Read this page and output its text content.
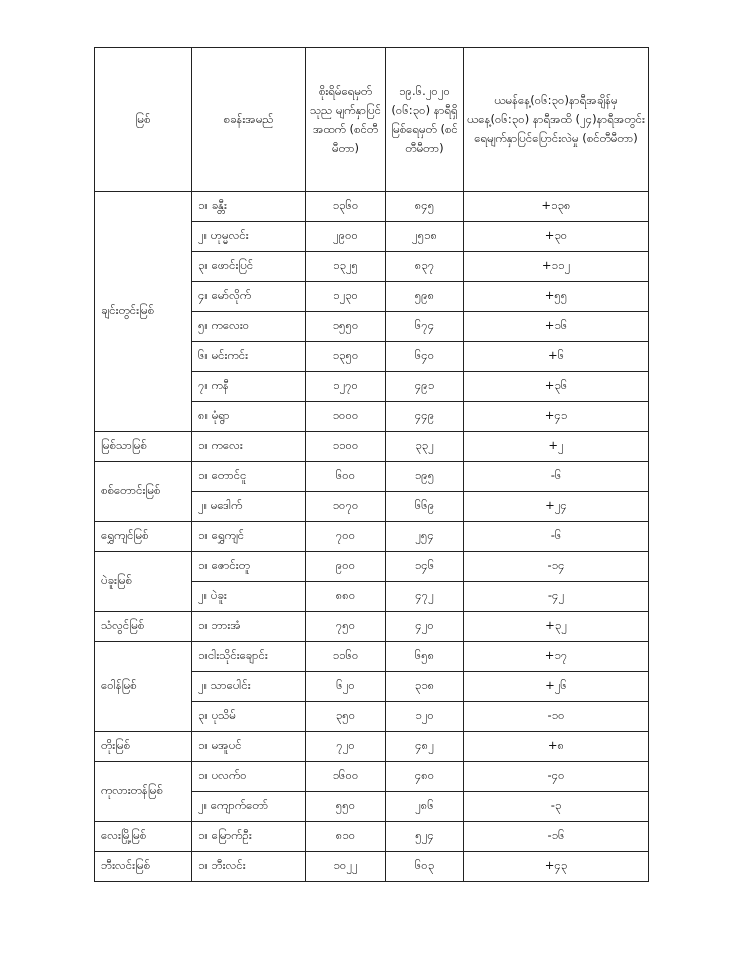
မြစ်	စခန်းအမည်	စိုးရိမ်ရေမှတ် သုည မျက်နှာပြင် အထက် (စင်တီမီတာ)	၁၉.၆.၂၀၂၀ (၀၆:၃၀) နာရီရှိ မြစ်ရေမှတ် (စင်တီမီတာ)	ယမန်နေ့(၀၆:၃၀)နာရီအချိန်မှ ယနေ့(၀၆:၃၀) နာရီအထိ (၂၄)နာရီအတွင်း ရေမျက်နှာပြင်ပြောင်းလဲမှု (စင်တီမီတာ)
ချင်းတွင်းမြစ်	၁။ ခန္တီး	၁၃၆၀	၈၄၅	+၁၃၈
	၂။ ဟုမ္မလင်း	၂၉၀၀	၂၅၁၈	+၃၀
	၃။ ဖောင်းပြင်	၁၃၂၅	၈၃၇	+၁၁၂
	၄။ မော်လိုက်	၁၂၃၀	၅၉၈	+၅၅
	၅။ ကလေးဝ	၁၅၅၀	၆၇၄	+၁၆
	၆။ မင်းကင်း	၁၃၅၀	၆၄၀	+၆
	၇။ ကနီ	၁၂၇၀	၄၉၁	+၃၆
	၈။ မုံရွာ	၁၀၀၀	၄၄၉	+၄၁
မြစ်သာမြစ်	၁။ ကလေး	၁၁၀၀	၃၃၂	+၂
စစ်တောင်းမြစ်	၁။ တောင်ငူ	၆၀၀	၁၉၅	-၆
	၂။ မဒေါက်	၁၀၇၀	၆၆၉	+၂၄
ရွှေကျင်မြစ်	၁။ ရွှေကျင်	၇၀၀	၂၅၄	-၆
ပဲခူးမြစ်	၁။ ဇောင်းတူ	၉၀၀	၁၄၆	-၁၄
	၂။ ပဲခူး	၈၈၀	၄၇၂	-၄၂
သံလွင်မြစ်	၁။ ဘားအံ	၇၅၀	၄၂၀	+၃၂
ဝေါန်မြစ်	၁။ငါးသိုင်းချောင်း	၁၁၆၀	၆၅၈	+၁၇
	၂။ သာပေါင်း	၆၂၀	၃၁၈	+၂၆
	၃။ ပုသိမ်	၃၅၀	၁၂၀	-၁၀
တိုးမြစ်	၁။ မအူပင်	၇၂၀	၄၈၂	+၈
ကုလားတန်မြစ်	၁။ ပလက်ဝ	၁၆၀၀	၄၈၀	-၄၀
	၂။ ကျောက်တော်	၅၅၀	၂၈၆	-၃
လေးမြို့မြစ်	၁။ မြောက်ဦး	၈၁၀	၅၂၄	-၁၆
ဘီးလင်းမြစ်	၁။ ဘီးလင်း	၁၀၂၂	၆၀၃	+၄၃
